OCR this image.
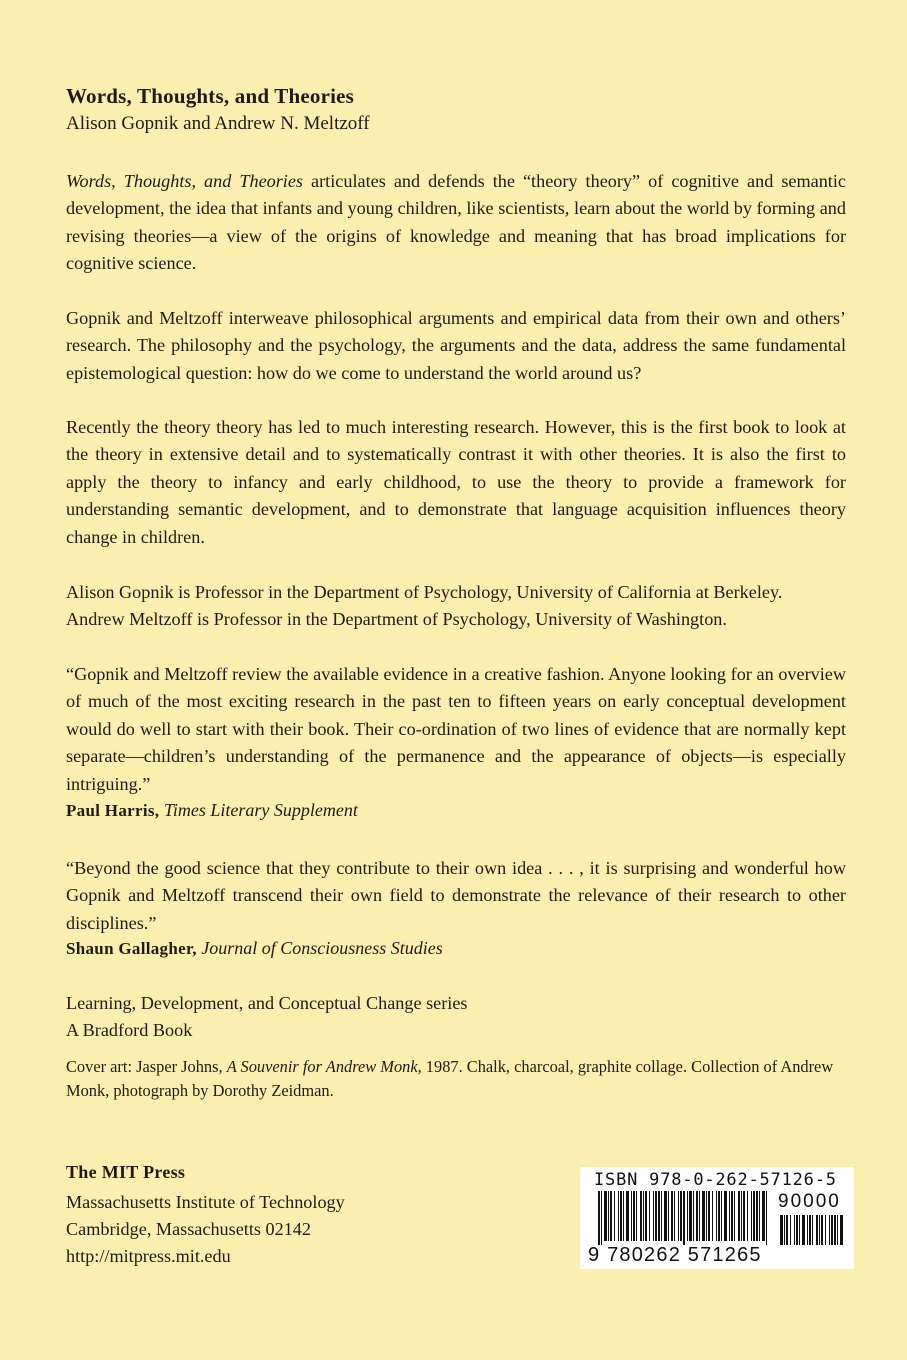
Words, Thoughts, and Theories
Alison Gopnik and Andrew N. Meltzoff
Words, Thoughts, and Theories articulates and defends the “theory theory” of cognitive and semantic development, the idea that infants and young children, like scientists, learn about the world by forming and revising theories—a view of the origins of knowledge and meaning that has broad implications for cognitive science.
Gopnik and Meltzoff interweave philosophical arguments and empirical data from their own and others’ research. The philosophy and the psychology, the arguments and the data, address the same fundamental epistemological question: how do we come to understand the world around us?
Recently the theory theory has led to much interesting research. However, this is the first book to look at the theory in extensive detail and to systematically contrast it with other theories. It is also the first to apply the theory to infancy and early childhood, to use the theory to provide a framework for understanding semantic development, and to demonstrate that language acquisition influences theory change in children.
Alison Gopnik is Professor in the Department of Psychology, University of California at Berkeley.
Andrew Meltzoff is Professor in the Department of Psychology, University of Washington.
“Gopnik and Meltzoff review the available evidence in a creative fashion. Anyone looking for an overview of much of the most exciting research in the past ten to fifteen years on early conceptual development would do well to start with their book. Their co-ordination of two lines of evidence that are normally kept separate—children’s understanding of the permanence and the appearance of objects—is especially intriguing.”
Paul Harris, Times Literary Supplement
“Beyond the good science that they contribute to their own idea . . . , it is surprising and wonderful how Gopnik and Meltzoff transcend their own field to demonstrate the relevance of their research to other disciplines.”
Shaun Gallagher, Journal of Consciousness Studies
Learning, Development, and Conceptual Change series
A Bradford Book
Cover art: Jasper Johns, A Souvenir for Andrew Monk, 1987. Chalk, charcoal, graphite collage. Collection of Andrew Monk, photograph by Dorothy Zeidman.
The MIT Press
Massachusetts Institute of Technology
Cambridge, Massachusetts 02142
http://mitpress.mit.edu
ISBN 978-0-262-57126-5
90000
9 780262 571265
